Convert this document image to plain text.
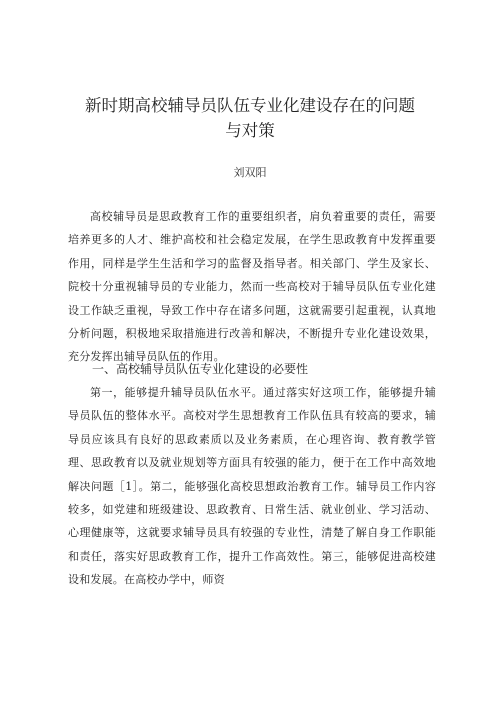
新时期高校辅导员队伍专业化建设存在的问题
与对策
刘双阳

高校辅导员是思政教育工作的重要组织者，肩负着重要的责任，需要培养更多的人才、维护高校和社会稳定发展，在学生思政教育中发挥重要作用，同样是学生生活和学习的监督及指导者。相关部门、学生及家长、院校十分重视辅导员的专业能力，然而一些高校对于辅导员队伍专业化建设工作缺乏重视，导致工作中存在诸多问题，这就需要引起重视，认真地分析问题，积极地采取措施进行改善和解决，不断提升专业化建设效果，充分发挥出辅导员队伍的作用。

一、高校辅导员队伍专业化建设的必要性

第一，能够提升辅导员队伍水平。通过落实好这项工作，能够提升辅导员队伍的整体水平。高校对学生思想教育工作队伍具有较高的要求，辅导员应该具有良好的思政素质以及业务素质，在心理咨询、教育教学管理、思政教育以及就业规划等方面具有较强的能力，便于在工作中高效地解决问题［1］。第二，能够强化高校思想政治教育工作。辅导员工作内容较多，如党建和班级建设、思政教育、日常生活、就业创业、学习活动、心理健康等，这就要求辅导员具有较强的专业性，清楚了解自身工作职能和责任，落实好思政教育工作，提升工作高效性。第三，能够促进高校建设和发展。在高校办学中，师资
